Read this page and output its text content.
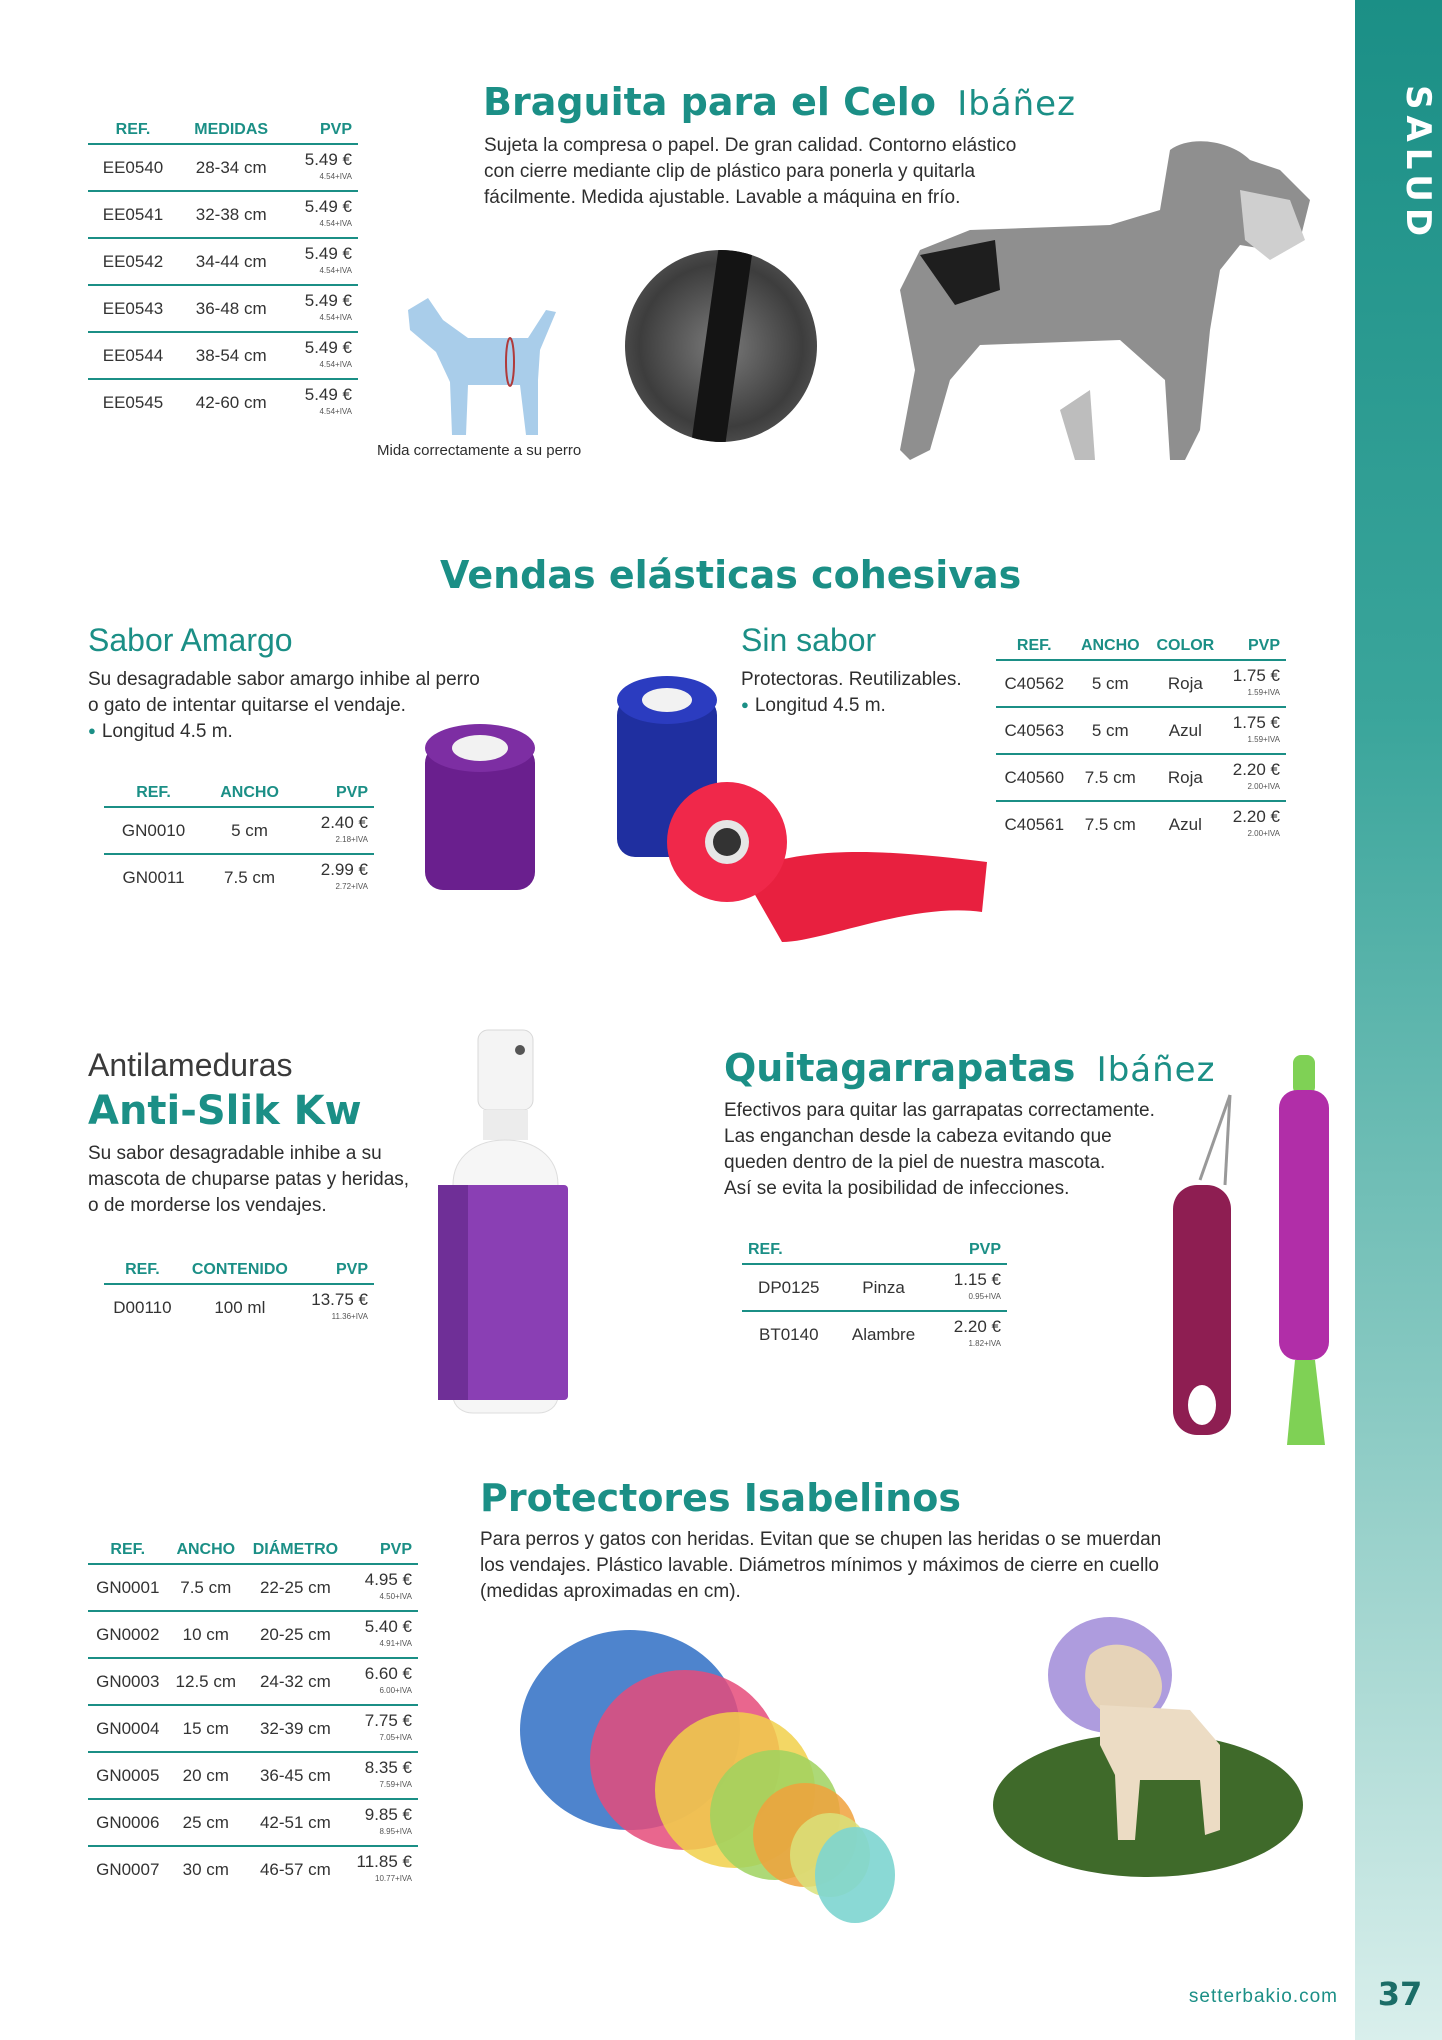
SALUD
setterbakio.com	37
Braguita para el Celo Ibáñez
Sujeta la compresa o papel. De gran calidad. Contorno elástico
con cierre mediante clip de plástico para ponerla y quitarla
fácilmente. Medida ajustable. Lavable a máquina en frío.
REF.	MEDIDAS	PVP
EE0540	28-34 cm	5.49 €
4.54+IVA

EE0541	32-38 cm	5.49 €
4.54+IVA

EE0542	34-44 cm	5.49 €
4.54+IVA

EE0543	36-48 cm	5.49 €
4.54+IVA

EE0544	38-54 cm	5.49 €
4.54+IVA

EE0545	42-60 cm	5.49 €
4.54+IVA
Mida correctamente a su perro
Vendas elásticas cohesivas
Sabor Amargo
Su desagradable sabor amargo inhibe al perro
o gato de intentar quitarse el vendaje.
● Longitud 4.5 m.
REF.	ANCHO	PVP
GN0010	5 cm	2.40 €
2.18+IVA

GN0011	7.5 cm	2.99 €
2.72+IVA
Sin sabor
Protectoras. Reutilizables.
● Longitud 4.5 m.
REF.	ANCHO	COLOR	PVP
C40562	5 cm	Roja	1.75 €
1.59+IVA

C40563	5 cm	Azul	1.75 €
1.59+IVA

C40560	7.5 cm	Roja	2.20 €
2.00+IVA

C40561	7.5 cm	Azul	2.20 €
2.00+IVA
Antilameduras
Anti-Slik Kw
Su sabor desagradable inhibe a su
mascota de chuparse patas y heridas,
o de morderse los vendajes.
REF.	CONTENIDO	PVP
D00110	100 ml	13.75 €
11.36+IVA
Quitagarrapatas Ibáñez
Efectivos para quitar las garrapatas correctamente.
Las enganchan desde la cabeza evitando que
queden dentro de la piel de nuestra mascota.
Así se evita la posibilidad de infecciones.
REF.		PVP
DP0125	Pinza	1.15 €
0.95+IVA

BT0140	Alambre	2.20 €
1.82+IVA
Protectores Isabelinos
Para perros y gatos con heridas. Evitan que se chupen las heridas o se muerdan
los vendajes. Plástico lavable. Diámetros mínimos y máximos de cierre en cuello
(medidas aproximadas en cm).
REF.	ANCHO	DIÁMETRO	PVP
GN0001	7.5 cm	22-25 cm	4.95 €
4.50+IVA

GN0002	10 cm	20-25 cm	5.40 €
4.91+IVA

GN0003	12.5 cm	24-32 cm	6.60 €
6.00+IVA

GN0004	15 cm	32-39 cm	7.75 €
7.05+IVA

GN0005	20 cm	36-45 cm	8.35 €
7.59+IVA

GN0006	25 cm	42-51 cm	9.85 €
8.95+IVA

GN0007	30 cm	46-57 cm	11.85 €
10.77+IVA
